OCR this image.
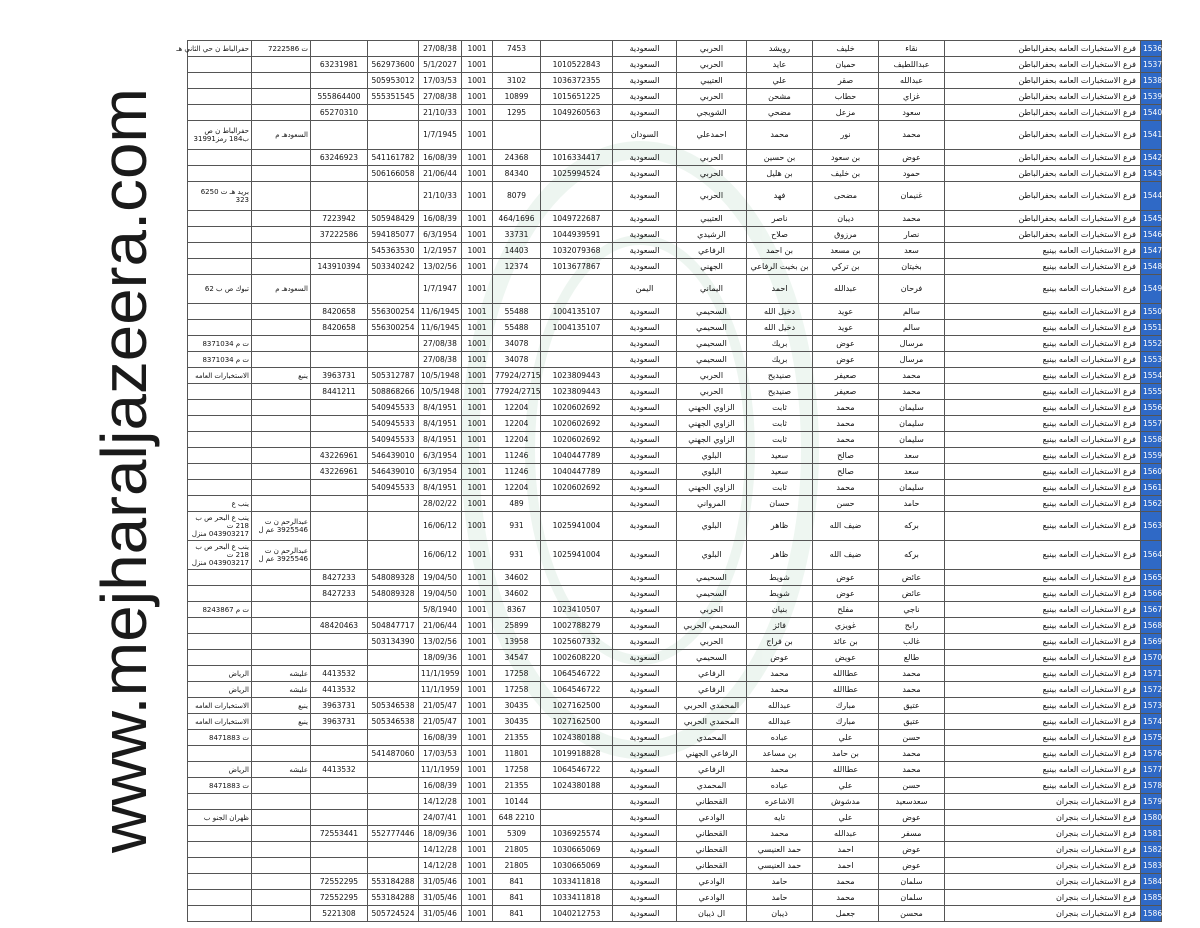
www.mejharaljazeera.com
حفرالباط ن حي الثاني هـ	ت 7222586			27/08/38	1001	7453		السعودية	الحربي	رويشد	خليف	نقاء	فرع الاستخبارات العامه بحفرالباطن	1536
		63231981	562973600	5/1/2027	1001		1010522843	السعودية	الحربي	عايد	حميان	عبداللطيف	فرع الاستخبارات العامه بحفرالباطن	1537
			505953012	17/03/53	1001	3102	1036372355	السعودية	العتيبي	علي	صقر	عبدالله	فرع الاستخبارات العامه بحفرالباطن	1538
		555864400	555351545	27/08/38	1001	10899	1015651225	السعودية	الحربي	مشحن	حطاب	غزاي	فرع الاستخبارات العامه بحفرالباطن	1539
		65270310		21/10/33	1001	1295	1049260563	السعودية	الشويجي	مضحي	مزعل	سعود	فرع الاستخبارات العامه بحفرالباطن	1540
حفرالباط ن ص ب184 رمز31991	السعودهـ م			1/7/1945	1001			السودان	احمدعلي	محمد	نور	محمد	فرع الاستخبارات العامه بحفرالباطن	1541
		63246923	541161782	16/08/39	1001	24368	1016334417	السعودية	الحربي	بن حسين	بن سعود	عوض	فرع الاستخبارات العامه بحفرالباطن	1542
			506166058	21/06/44	1001	84340	1025994524	السعودية	الحربي	بن هليل	بن خليف	حمود	فرع الاستخبارات العامه بحفرالباطن	1543
بريد هـ ت 6250 323				21/10/33	1001	8079		السعودية	الحربي	فهد	مضحى	غنيمان	فرع الاستخبارات العامه بحفرالباطن	1544
		7223942	505948429	16/08/39	1001	464/1696	1049722687	السعودية	العتيبي	ناصر	ديبان	محمد	فرع الاستخبارات العامه بحفرالباطن	1545
		37222586	594185077	6/3/1954	1001	33731	1044939591	السعودية	الرشيدي	صلاح	مرزوق	نصار	فرع الاستخبارات العامه بحفرالباطن	1546
			545363530	1/2/1957	1001	14403	1032079368	السعودية	الرفاعي	بن احمد	بن مسعد	سعد	فرع الاستخبارات العامه بينبع	1547
		143910394	503340242	13/02/56	1001	12374	1013677867	السعودية	الجهني	بن بخيت الرفاعي	بن تركي	بخيتان	فرع الاستخبارات العامه بينبع	1548
تبوك ص ب 62	السعودهـ م			1/7/1947	1001			اليمن	اليماني	احمد	عبدالله	فرحان	فرع الاستخبارات العامه بينبع	1549
		8420658	556300254	11/6/1945	1001	55488	1004135107	السعودية	السحيمي	دخيل الله	عويد	سالم	فرع الاستخبارات العامه بينبع	1550
		8420658	556300254	11/6/1945	1001	55488	1004135107	السعودية	السحيمي	دخيل الله	عويد	سالم	فرع الاستخبارات العامه بينبع	1551
ت م 8371034				27/08/38	1001	34078		السعودية	السحيمي	بريك	عوض	مرسال	فرع الاستخبارات العامه بينبع	1552
ت م 8371034				27/08/38	1001	34078		السعودية	السحيمي	بريك	عوض	مرسال	فرع الاستخبارات العامه بينبع	1553
الاستخبارات العامه	ينبع	3963731	505312787	10/5/1948	1001	77924/2715	1023809443	السعودية	الحربي	صنيديح	صعيفر	محمد	فرع الاستخبارات العامه بينبع	1554
		8441211	508868266	10/5/1948	1001	77924/2715	1023809443	السعودية	الحربي	صنيديح	صعيفر	محمد	فرع الاستخبارات العامه بينبع	1555
			540945533	8/4/1951	1001	12204	1020602692	السعودية	الزاوي الجهني	ثابت	محمد	سليمان	فرع الاستخبارات العامه بينبع	1556
			540945533	8/4/1951	1001	12204	1020602692	السعودية	الزاوي الجهني	ثابت	محمد	سليمان	فرع الاستخبارات العامه بينبع	1557
			540945533	8/4/1951	1001	12204	1020602692	السعودية	الزاوي الجهني	ثابت	محمد	سليمان	فرع الاستخبارات العامه بينبع	1558
		43226961	546439010	6/3/1954	1001	11246	1040447789	السعودية	البلوي	سعيد	صالح	سعد	فرع الاستخبارات العامه بينبع	1559
		43226961	546439010	6/3/1954	1001	11246	1040447789	السعودية	البلوي	سعيد	صالح	سعد	فرع الاستخبارات العامه بينبع	1560
			540945533	8/4/1951	1001	12204	1020602692	السعودية	الزاوي الجهني	ثابت	محمد	سليمان	فرع الاستخبارات العامه بينبع	1561
ينب ع				28/02/22	1001	489		السعودية	المرواني	حسان	حسن	حامد	فرع الاستخبارات العامه بينبع	1562
ينب ع البحر ص ب 218 ت 043903217 منزل	عبدالرحم ن ت 3925546 عم ل			16/06/12	1001	931	1025941004	السعودية	البلوي	ظاهر	ضيف الله	بركه	فرع الاستخبارات العامه بينبع	1563
ينب ع البحر ص ب 218 ت 043903217 منزل	عبدالرحم ن ت 3925546 عم ل			16/06/12	1001	931	1025941004	السعودية	البلوي	ظاهر	ضيف الله	بركه	فرع الاستخبارات العامه بينبع	1564
		8427233	548089328	19/04/50	1001	34602		السعودية	السحيمي	شويط	عوض	عائض	فرع الاستخبارات العامه بينبع	1565
		8427233	548089328	19/04/50	1001	34602		السعودية	السحيمي	شويط	عوض	عائض	فرع الاستخبارات العامه بينبع	1566
ت م 8243867				5/8/1940	1001	8367	1023410507	السعودية	الحربي	بنيان	مفلح	ناجي	فرع الاستخبارات العامه بينبع	1567
		48420463	504847717	21/06/44	1001	25899	1002788279	السعودية	السحيمي الحربي	فائز	غويزي	رابح	فرع الاستخبارات العامه بينبع	1568
			503134390	13/02/56	1001	13958	1025607332	السعودية	الحربي	بن فراج	بن عائد	غالب	فرع الاستخبارات العامه بينبع	1569
				18/09/36	1001	34547	1002608220	السعودية	السحيمي	عوض	عويض	طالع	فرع الاستخبارات العامه بينبع	1570
الرياض	عليشه	4413532		11/1/1959	1001	17258	1064546722	السعودية	الرفاعي	محمد	عطاالله	محمد	فرع الاستخبارات العامه بينبع	1571
الرياض	عليشه	4413532		11/1/1959	1001	17258	1064546722	السعودية	الرفاعي	محمد	عطاالله	محمد	فرع الاستخبارات العامه بينبع	1572
الاستخبارات العامه	ينبع	3963731	505346538	21/05/47	1001	30435	1027162500	السعودية	المحمدي الحربي	عبدالله	مبارك	عتيق	فرع الاستخبارات العامه بينبع	1573
الاستخبارات العامه	ينبع	3963731	505346538	21/05/47	1001	30435	1027162500	السعودية	المحمدي الحربي	عبدالله	مبارك	عتيق	فرع الاستخبارات العامه بينبع	1574
ت 8471883				16/08/39	1001	21355	1024380188	السعودية	المحمدي	عباده	علي	حسن	فرع الاستخبارات العامه بينبع	1575
			541487060	17/03/53	1001	11801	1019918828	السعودية	الرفاعي الجهني	بن مساعد	بن حامد	محمد	فرع الاستخبارات العامه بينبع	1576
الرياض	عليشه	4413532		11/1/1959	1001	17258	1064546722	السعودية	الرفاعي	محمد	عطاالله	محمد	فرع الاستخبارات العامه بينبع	1577
ت 8471883				16/08/39	1001	21355	1024380188	السعودية	المحمدي	عباده	علي	حسن	فرع الاستخبارات العامه بينبع	1578
				14/12/28	1001	10144		السعودية	القحطاني	الاشاعره	مدشوش	سعدسعيد	فرع الاستخبارات بنجران	1579
ظهران الجنو ب				24/07/41	1001	648 2210		السعودية	الوادعي	تايه	علي	عوض	فرع الاستخبارات بنجران	1580
		72553441	552777446	18/09/36	1001	5309	1036925574	السعودية	القحطاني	محمد	عبدالله	مسفر	فرع الاستخبارات بنجران	1581
				14/12/28	1001	21805	1030665069	السعودية	القحطاني	حمد العنيسي	احمد	عوض	فرع الاستخبارات بنجران	1582
				14/12/28	1001	21805	1030665069	السعودية	القحطاني	حمد العنيسي	احمد	عوض	فرع الاستخبارات بنجران	1583
		72552295	553184288	31/05/46	1001	841	1033411818	السعودية	الوادعي	حامد	محمد	سلمان	فرع الاستخبارات بنجران	1584
		72552295	553184288	31/05/46	1001	841	1033411818	السعودية	الوادعي	حامد	محمد	سلمان	فرع الاستخبارات بنجران	1585
		5221308	505724524	31/05/46	1001	841	1040212753	السعودية	ال ذيبان	ذيبان	جعمل	محسن	فرع الاستخبارات بنجران	1586
